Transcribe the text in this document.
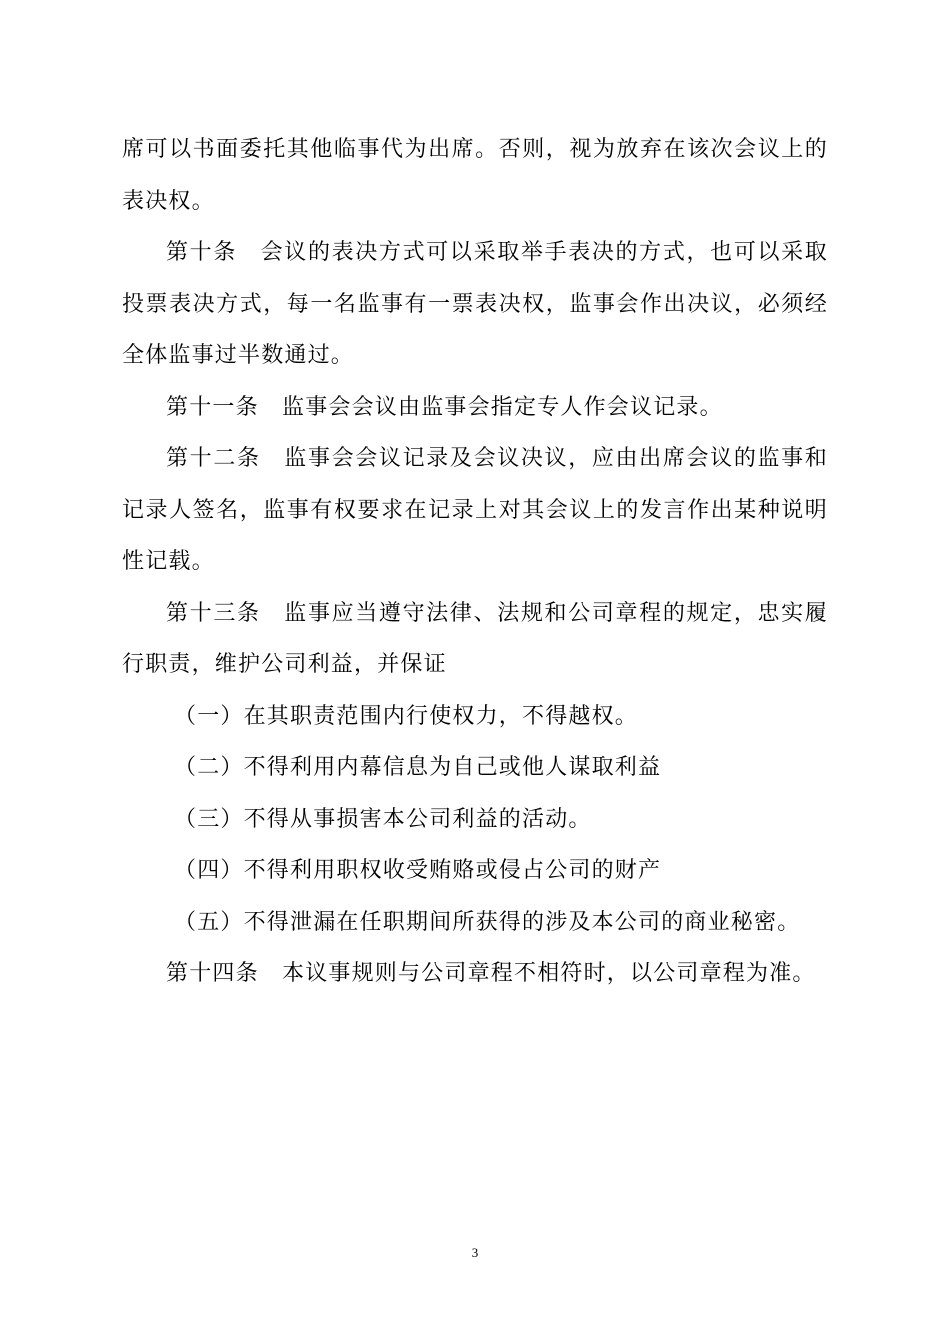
席可以书面委托其他临事代为出席。否则，视为放弃在该次会议上的表决权。

第十条　会议的表决方式可以采取举手表决的方式，也可以采取投票表决方式，每一名监事有一票表决权，监事会作出决议，必须经全体监事过半数通过。

第十一条　监事会会议由监事会指定专人作会议记录。

第十二条　监事会会议记录及会议决议，应由出席会议的监事和记录人签名，监事有权要求在记录上对其会议上的发言作出某种说明性记载。

第十三条　监事应当遵守法律、法规和公司章程的规定，忠实履行职责，维护公司利益，并保证

（一）在其职责范围内行使权力，不得越权。

（二）不得利用内幕信息为自己或他人谋取利益

（三）不得从事损害本公司利益的活动。

（四）不得利用职权收受贿赂或侵占公司的财产

（五）不得泄漏在任职期间所获得的涉及本公司的商业秘密。

第十四条　本议事规则与公司章程不相符时，以公司章程为准。

3
